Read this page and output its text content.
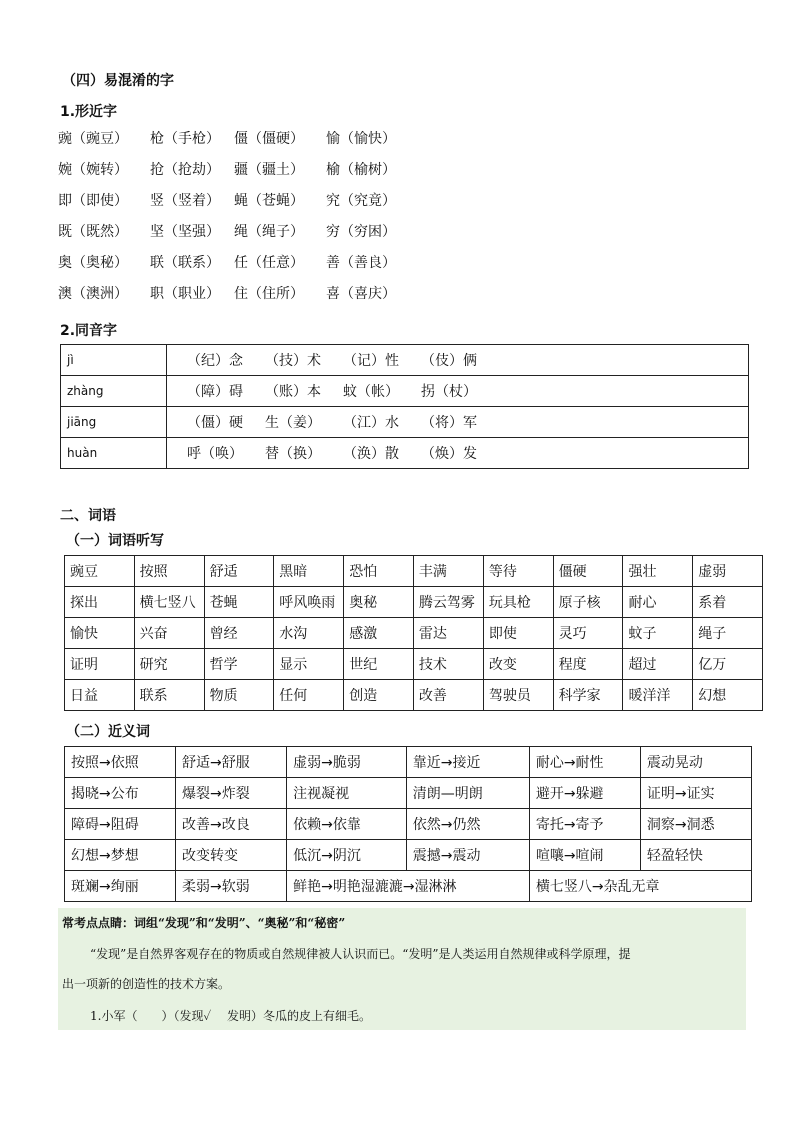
（四）易混淆的字
1.形近字
豌（豌豆） 枪（手枪） 僵（僵硬） 愉（愉快）
婉（婉转） 抢（抢劫） 疆（疆土） 榆（榆树）
即（即使） 竖（竖着） 蝇（苍蝇） 究（究竟）
既（既然） 坚（坚强） 绳（绳子） 穷（穷困）
奥（奥秘） 联（联系） 任（任意） 善（善良）
澳（澳洲） 职（职业） 住（住所） 喜（喜庆）
2.同音字
jì	（纪）念 （技）术 （记）性 （伎）俩
zhàng	（障）碍 （账）本 蚊（帐） 拐（杖）
jiāng	（僵）硬 生（姜） （江）水 （将）军
huàn	呼（唤） 替（换） （涣）散 （焕）发
二、词语
（一）词语听写
豌豆	按照	舒适	黑暗	恐怕	丰满	等待	僵硬	强壮	虚弱
探出	横七竖八	苍蝇	呼风唤雨	奥秘	腾云驾雾	玩具枪	原子核	耐心	系着
愉快	兴奋	曾经	水沟	感激	雷达	即使	灵巧	蚊子	绳子
证明	研究	哲学	显示	世纪	技术	改变	程度	超过	亿万
日益	联系	物质	任何	创造	改善	驾驶员	科学家	暖洋洋	幻想
（二）近义词
按照→依照	舒适→舒服	虚弱→脆弱	靠近→接近	耐心→耐性	震动晃动
揭晓→公布	爆裂→炸裂	注视凝视	清朗—明朗	避开→躲避	证明→证实
障碍→阻碍	改善→改良	依赖→依靠	依然→仍然	寄托→寄予	洞察→洞悉
幻想→梦想	改变转变	低沉→阴沉	震撼→震动	喧嚷→喧闹	轻盈轻快
斑斓→绚丽	柔弱→软弱	鲜艳→明艳湿漉漉→湿淋淋		横七竖八→杂乱无章	
常考点点睛：词组“发现”和“发明”、“奥秘”和“秘密”
“发现”是自然界客观存在的物质或自然规律被人认识而已。“发明”是人类运用自然规律或科学原理，提
出一项新的创造性的技术方案。
1.小军（　　）（发现✓　 发明）冬瓜的皮上有细毛。
